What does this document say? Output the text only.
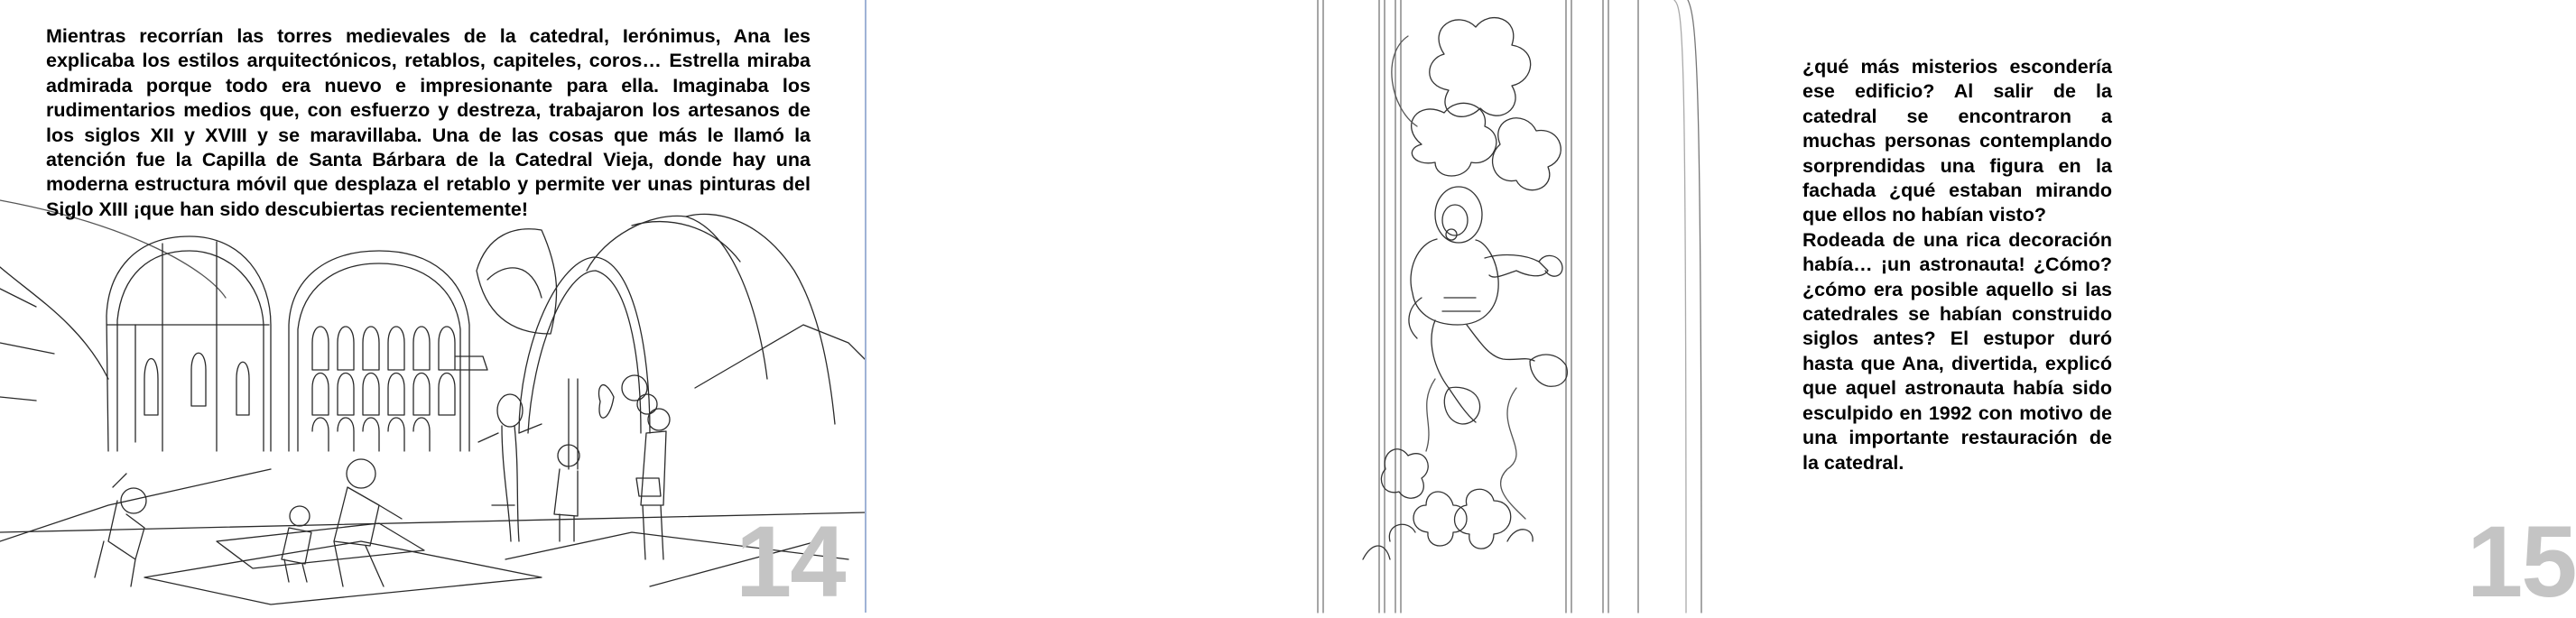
Mientras recorrían las torres medievales de la catedral, Ierónimus, Ana les explicaba los estilos arquitectónicos, retablos, capiteles, coros… Estrella miraba admirada porque todo era nuevo e impresionante para ella. Imaginaba los rudimentarios medios que, con esfuerzo y destreza, trabajaron los artesanos de los siglos XII y XVIII y se maravillaba. Una de las cosas que más le llamó la atención fue la Capilla de Santa Bárbara de la Catedral Vieja, donde hay una moderna estructura móvil que desplaza el retablo y permite ver unas pinturas del Siglo XIII ¡que han sido descubiertas recientemente!
14
¿qué más misterios escondería ese edificio? Al salir de la catedral se encontraron a muchas personas contemplando sorprendidas una figura en la fachada ¿qué estaban mirando que ellos no habían visto?
Rodeada de una rica decoración había… ¡un astronauta! ¿Cómo? ¿cómo era posible aquello si las catedrales se habían construido siglos antes? El estupor duró hasta que Ana, divertida, explicó que aquel astronauta había sido esculpido en 1992 con motivo de una importante restauración de la catedral.
15
